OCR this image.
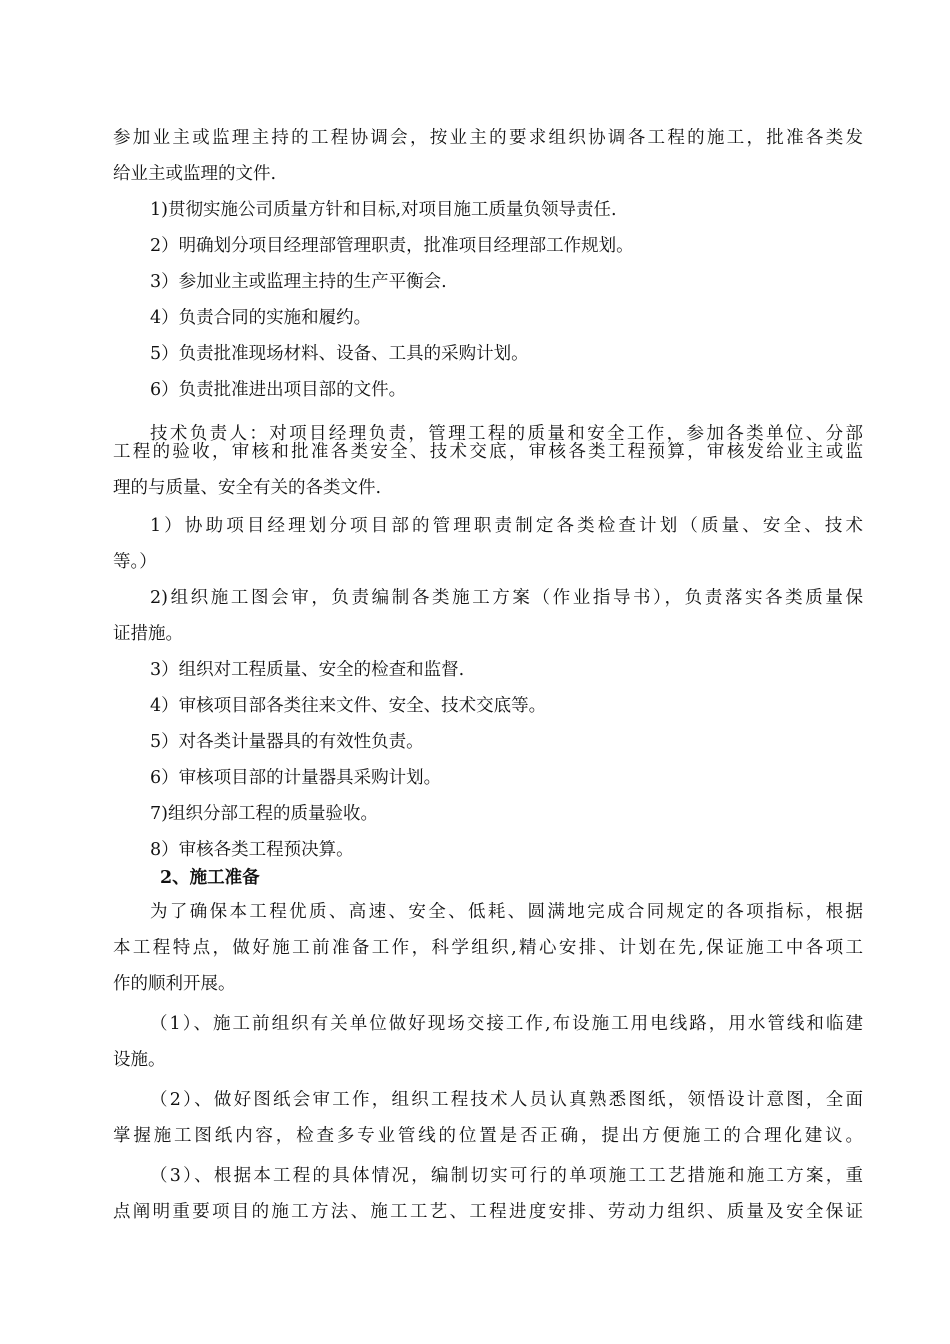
参加业主或监理主持的工程协调会，按业主的要求组织协调各工程的施工，批准各类发
给业主或监理的文件.
1)贯彻实施公司质量方针和目标,对项目施工质量负领导责任.
2）明确划分项目经理部管理职责，批准项目经理部工作规划。
3）参加业主或监理主持的生产平衡会.
4）负责合同的实施和履约。
5）负责批准现场材料、设备、工具的采购计划。
6）负责批准进出项目部的文件。
技术负责人：对项目经理负责，管理工程的质量和安全工作，参加各类单位、分部
工程的验收，审核和批准各类安全、技术交底，审核各类工程预算，审核发给业主或监
理的与质量、安全有关的各类文件.
1）协助项目经理划分项目部的管理职责制定各类检查计划（质量、安全、技术
等。）
2)组织施工图会审，负责编制各类施工方案（作业指导书），负责落实各类质量保
证措施。
3）组织对工程质量、安全的检查和监督.
4）审核项目部各类往来文件、安全、技术交底等。
5）对各类计量器具的有效性负责。
6）审核项目部的计量器具采购计划。
7)组织分部工程的质量验收。
8）审核各类工程预决算。
2、施工准备
为了确保本工程优质、高速、安全、低耗、圆满地完成合同规定的各项指标，根据
本工程特点，做好施工前准备工作，科学组织,精心安排、计划在先,保证施工中各项工
作的顺利开展。
（1）、施工前组织有关单位做好现场交接工作,布设施工用电线路，用水管线和临建
设施。
（2）、做好图纸会审工作，组织工程技术人员认真熟悉图纸，领悟设计意图，全面
掌握施工图纸内容，检查多专业管线的位置是否正确，提出方便施工的合理化建议。
（3）、根据本工程的具体情况，编制切实可行的单项施工工艺措施和施工方案，重
点阐明重要项目的施工方法、施工工艺、工程进度安排、劳动力组织、质量及安全保证
